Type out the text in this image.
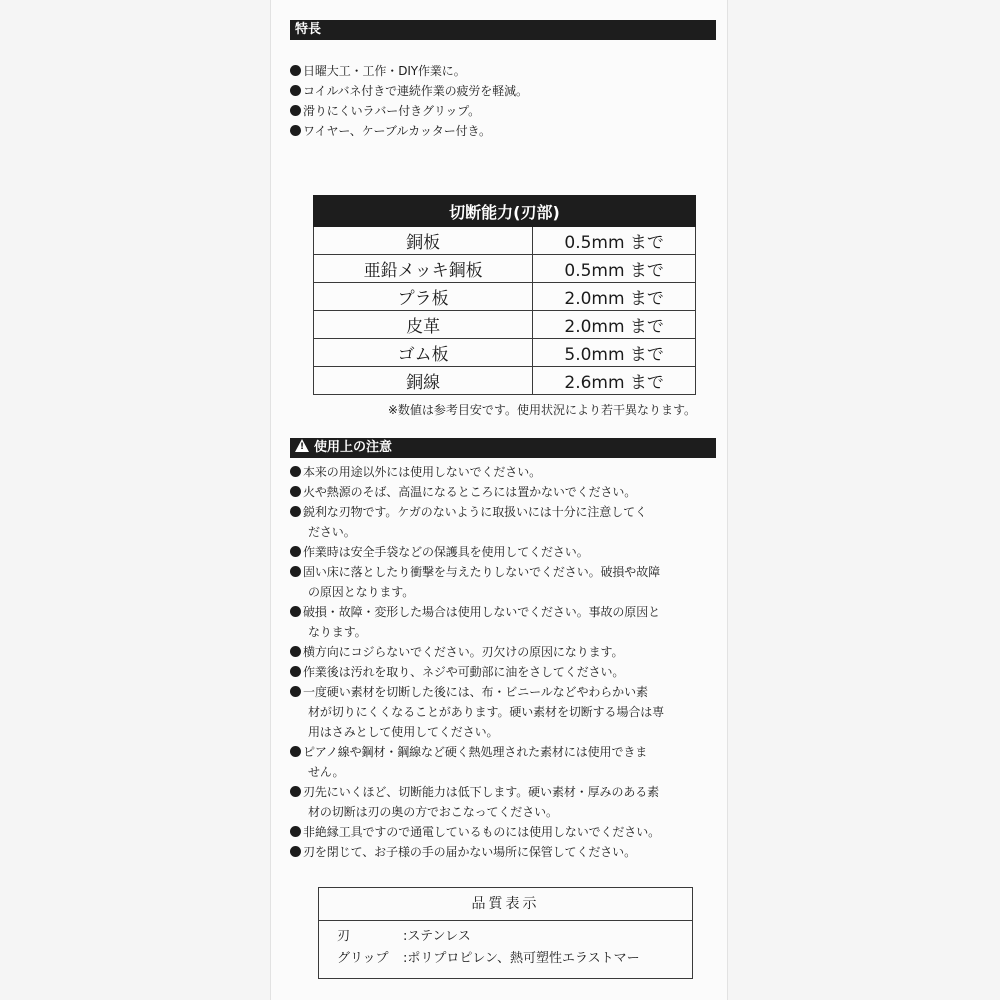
特長
日曜大工・工作・DIY作業に。
コイルバネ付きで連続作業の疲労を軽減。
滑りにくいラバー付きグリップ。
ワイヤー、ケーブルカッター付き。
切断能力(刃部)	
銅板	0.5mm まで
亜鉛メッキ鋼板	0.5mm まで
プラ板	2.0mm まで
皮革	2.0mm まで
ゴム板	5.0mm まで
銅線	2.6mm まで
※数値は参考目安です。使用状況により若干異なります。
! 使用上の注意
本来の用途以外には使用しないでください。
火や熱源のそば、高温になるところには置かないでください。
鋭利な刃物です。ケガのないように取扱いには十分に注意してく
ださい。
作業時は安全手袋などの保護具を使用してください。
固い床に落としたり衝撃を与えたりしないでください。破損や故障
の原因となります。
破損・故障・変形した場合は使用しないでください。事故の原因と
なります。
横方向にコジらないでください。刃欠けの原因になります。
作業後は汚れを取り、ネジや可動部に油をさしてください。
一度硬い素材を切断した後には、布・ビニールなどやわらかい素
材が切りにくくなることがあります。硬い素材を切断する場合は専
用はさみとして使用してください。
ピアノ線や鋼材・鋼線など硬く熱処理された素材には使用できま
せん。
刃先にいくほど、切断能力は低下します。硬い素材・厚みのある素
材の切断は刃の奥の方でおこなってください。
非絶縁工具ですので通電しているものには使用しないでください。
刃を閉じて、お子様の手の届かない場所に保管してください。
品質表示
刃	:ステンレス
グリップ :ポリプロピレン、熱可塑性エラストマー
